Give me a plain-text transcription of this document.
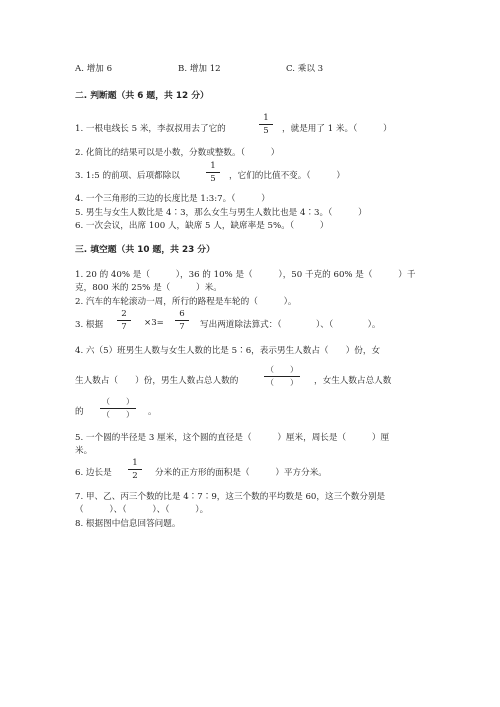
A. 增加 6	B. 增加 12	C. 乘以 3
二. 判断题（共 6 题，共 12 分）
1. 一根电线长 5 米，李叔叔用去了它的
1
5	，就是用了 1 米。（　　　）
2. 化简比的结果可以是小数，分数或整数。（　　　）
3. 1:5 的前项、后项都除以
1
5	，它们的比值不变。（　　　）
4. 一个三角形的三边的长度比是 1:3:7。（　　　）
5. 男生与女生人数比是 4∶3，那么女生与男生人数比也是 4∶3。（　　　）
6. 一次会议，出席 100 人，缺席 5 人，缺席率是 5%。（　　　）
三. 填空题（共 10 题，共 23 分）
1. 20 的 40% 是（　　　），36 的 10% 是（　　　），50 千克的 60% 是（　　　）千
克，800 米的 25% 是（　　　）米。
2. 汽车的车轮滚动一周，所行的路程是车轮的（　　　）。
3. 根据
2
7	×3=
6
7	写出两道除法算式：（　　　　）、（　　　　）。
4. 六（5）班男生人数与女生人数的比是 5∶6，表示男生人数占（　　）份，女
生人数占（　　）份，男生人数占总人数的
（　　）
（　　）	，女生人数占总人数
的
（　　）
（　　）	。
5. 一个圆的半径是 3 厘米，这个圆的直径是（　　　）厘米，周长是（　　　）厘
米。
6. 边长是
1
2	分米的正方形的面积是（　　　）平方分米。
7. 甲、乙、丙三个数的比是 4∶7∶9，这三个数的平均数是 60，这三个数分别是
（　　　）、（　　　）、（　　　）。
8. 根据图中信息回答问题。
